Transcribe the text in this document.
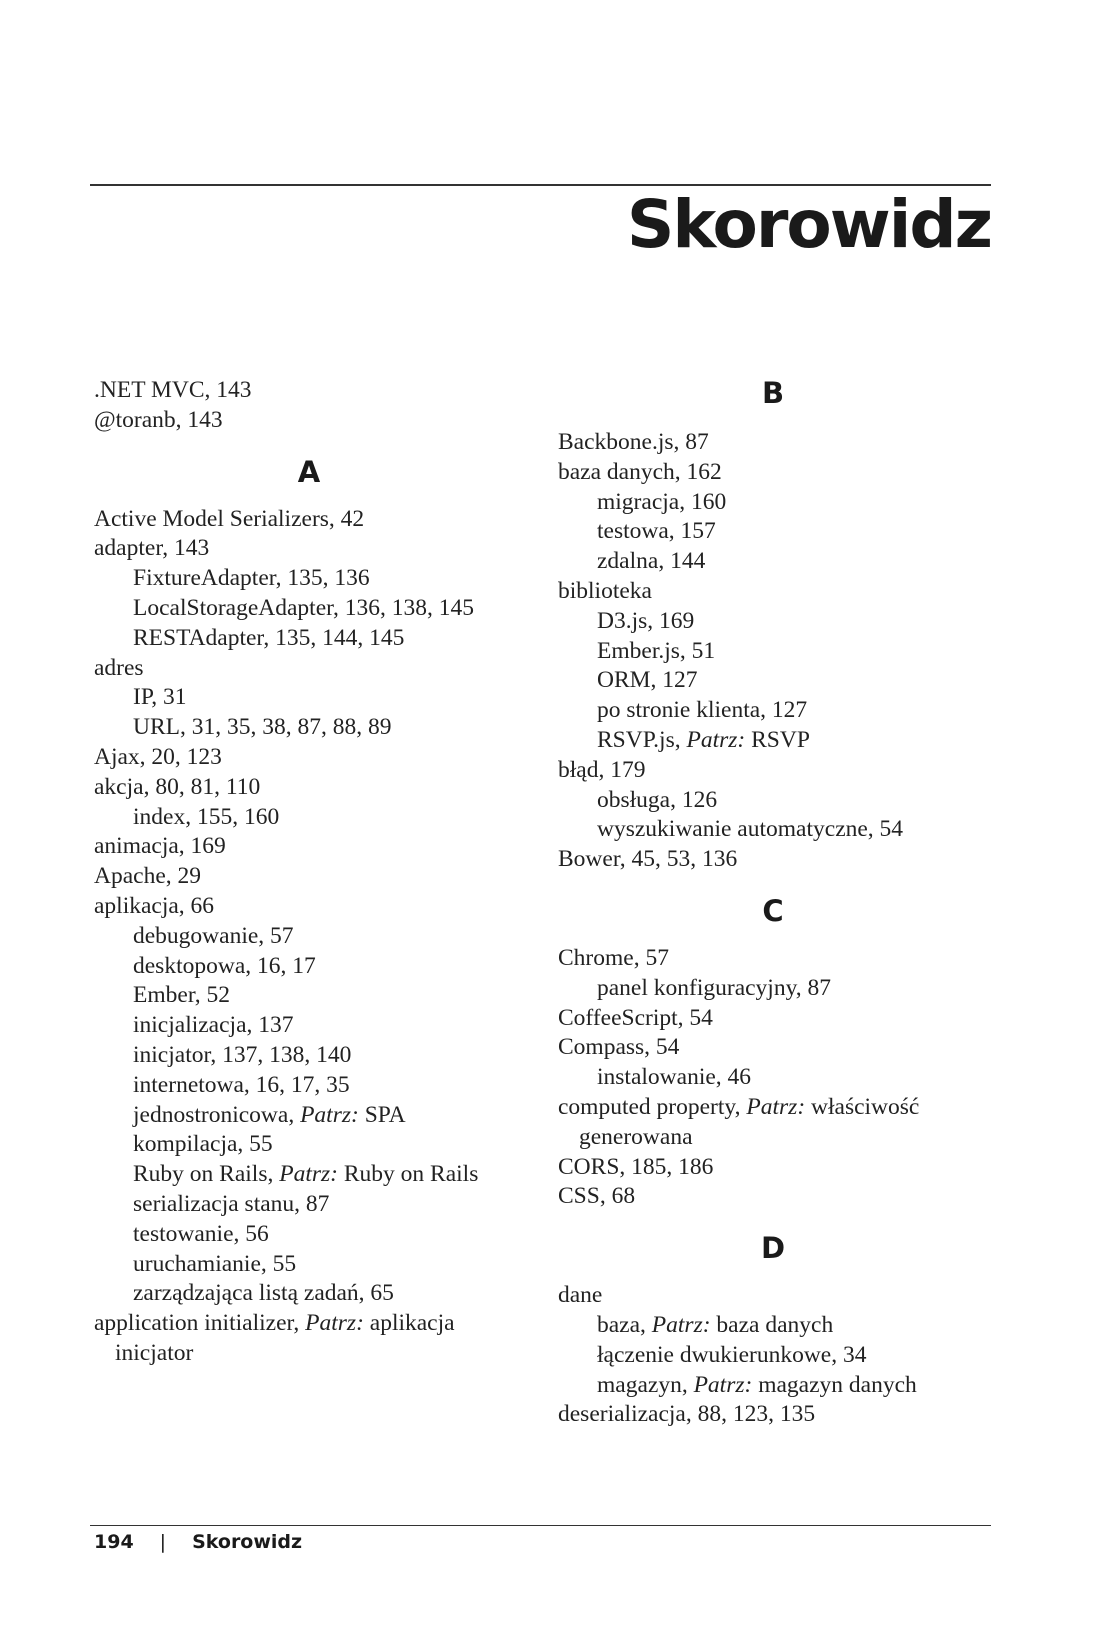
Skorowidz
.NET MVC, 143
@toranb, 143
A
Active Model Serializers, 42
adapter, 143
FixtureAdapter, 135, 136
LocalStorageAdapter, 136, 138, 145
RESTAdapter, 135, 144, 145
adres
IP, 31
URL, 31, 35, 38, 87, 88, 89
Ajax, 20, 123
akcja, 80, 81, 110
index, 155, 160
animacja, 169
Apache, 29
aplikacja, 66
debugowanie, 57
desktopowa, 16, 17
Ember, 52
inicjalizacja, 137
inicjator, 137, 138, 140
internetowa, 16, 17, 35
jednostronicowa, Patrz: SPA
kompilacja, 55
Ruby on Rails, Patrz: Ruby on Rails
serializacja stanu, 87
testowanie, 56
uruchamianie, 55
zarządzająca listą zadań, 65
application initializer, Patrz: aplikacja
inicjator
B
Backbone.js, 87
baza danych, 162
migracja, 160
testowa, 157
zdalna, 144
biblioteka
D3.js, 169
Ember.js, 51
ORM, 127
po stronie klienta, 127
RSVP.js, Patrz: RSVP
błąd, 179
obsługa, 126
wyszukiwanie automatyczne, 54
Bower, 45, 53, 136
C
Chrome, 57
panel konfiguracyjny, 87
CoffeeScript, 54
Compass, 54
instalowanie, 46
computed property, Patrz: właściwość
generowana
CORS, 185, 186
CSS, 68
D
dane
baza, Patrz: baza danych
łączenie dwukierunkowe, 34
magazyn, Patrz: magazyn danych
deserializacja, 88, 123, 135
194 | Skorowidz
